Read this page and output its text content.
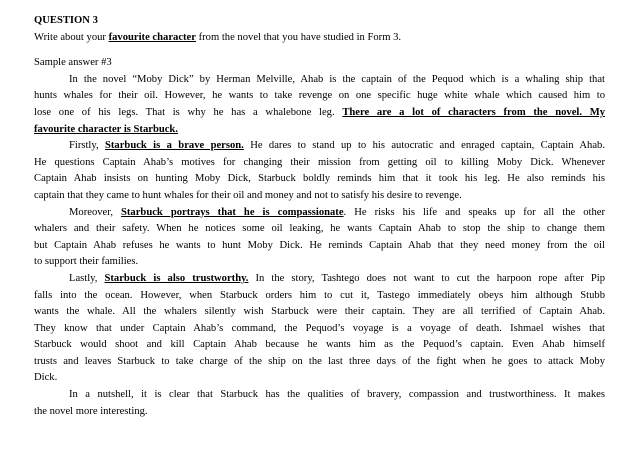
QUESTION 3
Write about your favourite character from the novel that you have studied in Form 3.
Sample answer #3
In the novel “Moby Dick” by Herman Melville, Ahab is the captain of the Pequod which is a whaling ship that
hunts whales for their oil. However, he wants to take revenge on one specific huge white whale which caused him to
lose one of his legs. That is why he has a whalebone leg. There are a lot of characters from the novel. My
favourite character is Starbuck.
Firstly, Starbuck is a brave person. He dares to stand up to his autocratic and enraged captain, Captain Ahab.
He questions Captain Ahab’s motives for changing their mission from getting oil to killing Moby Dick. Whenever
Captain Ahab insists on hunting Moby Dick, Starbuck boldly reminds him that it took his leg. He also reminds his
captain that they came to hunt whales for their oil and money and not to satisfy his desire to revenge.
Moreover, Starbuck portrays that he is compassionate. He risks his life and speaks up for all the other
whalers and their safety. When he notices some oil leaking, he wants Captain Ahab to stop the ship to change them
but Captain Ahab refuses he wants to hunt Moby Dick. He reminds Captain Ahab that they need money from the oil
to support their families.
Lastly, Starbuck is also trustworthy. In the story, Tashtego does not want to cut the harpoon rope after Pip
falls into the ocean. However, when Starbuck orders him to cut it, Tastego immediately obeys him although Stubb
wants the whale. All the whalers silently wish Starbuck were their captain. They are all terrified of Captain Ahab.
They know that under Captain Ahab’s command, the Pequod’s voyage is a voyage of death. Ishmael wishes that
Starbuck would shoot and kill Captain Ahab because he wants him as the Pequod’s captain. Even Ahab himself
trusts and leaves Starbuck to take charge of the ship on the last three days of the fight when he goes to attack Moby
Dick.
In a nutshell, it is clear that Starbuck has the qualities of bravery, compassion and trustworthiness. It makes
the novel more interesting.
